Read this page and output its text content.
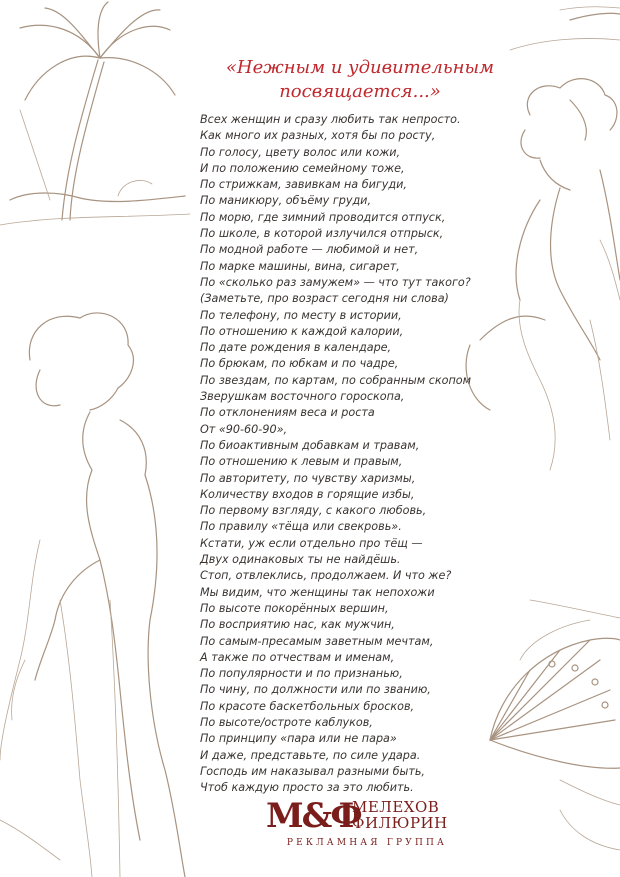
«Нежным и удивительным
посвящается...»
Всех женщин и сразу любить так непросто.
Как много их разных, хотя бы по росту,
По голосу, цвету волос или кожи,
И по положению семейному тоже,
По стрижкам, завивкам на бигуди,
По маникюру, объёму груди,
По морю, где зимний проводится отпуск,
По школе, в которой излучился отпрыск,
По модной работе — любимой и нет,
По марке машины, вина, сигарет,
По «сколько раз замужем» — что тут такого?
(Заметьте, про возраст сегодня ни слова)
По телефону, по месту в истории,
По отношению к каждой калории,
По дате рождения в календаре,
По брюкам, по юбкам и по чадре,
По звездам, по картам, по собранным скопом
Зверушкам восточного гороскопа,
По отклонениям веса и роста
От «90-60-90»,
По биоактивным добавкам и травам,
По отношению к левым и правым,
По авторитету, по чувству харизмы,
Количеству входов в горящие избы,
По первому взгляду, с какого любовь,
По правилу «тёща или свекровь».
Кстати, уж если отдельно про тёщ —
Двух одинаковых ты не найдёшь.
Стоп, отвлеклись, продолжаем. И что же?
Мы видим, что женщины так непохожи
По высоте покорённых вершин,
По восприятию нас, как мужчин,
По самым-пресамым заветным мечтам,
А также по отчествам и именам,
По популярности и по признанью,
По чину, по должности или по званию,
По красоте баскетбольных бросков,
По высоте/остроте каблуков,
По принципу «пара или не пара»
И даже, представьте, по силе удара.
Господь им наказывал разными быть,
Чтоб каждую просто за это любить.
М&Ф
МЕЛЕХОВ
ФИЛЮРИН
РЕКЛАМНАЯ ГРУППА
